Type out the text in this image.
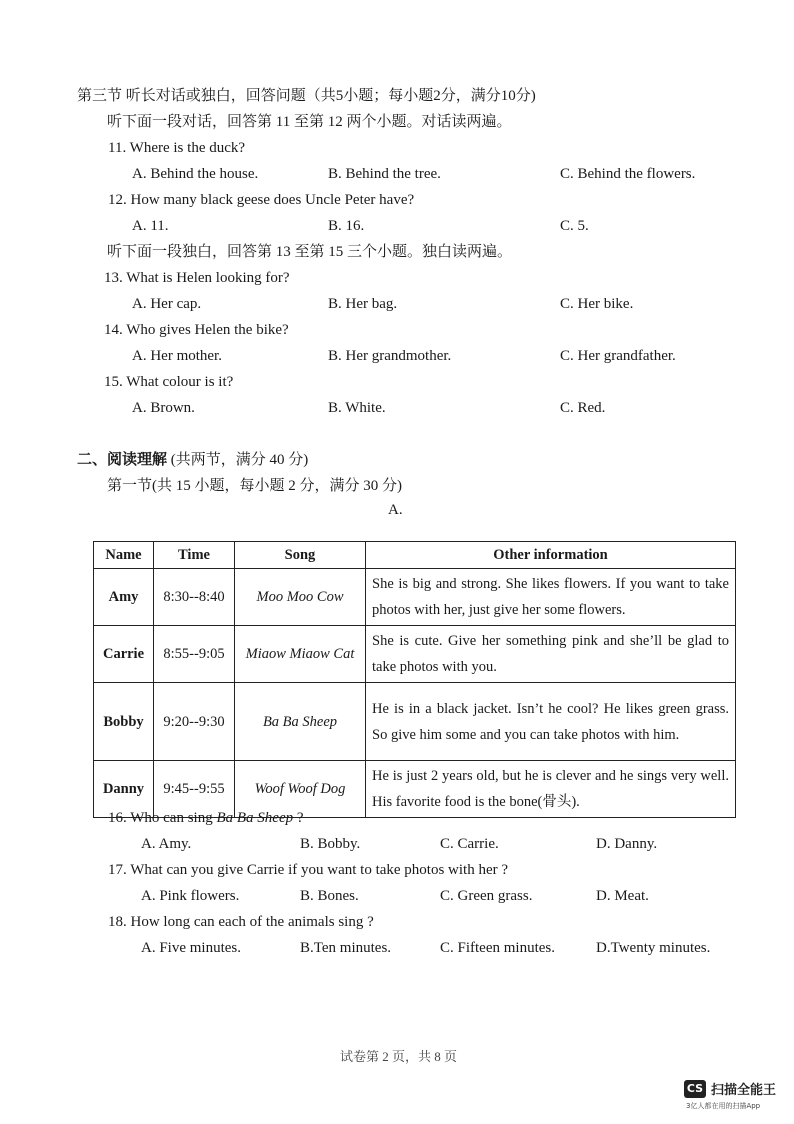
第三节 听长对话或独白，回答问题（共5小题；每小题2分，满分10分)
听下面一段对话，回答第 11 至第 12 两个小题。对话读两遍。
11. Where is the duck?
A. Behind the house.	B. Behind the tree.	C. Behind the flowers.
12. How many black geese does Uncle Peter have?
A. 11.	B. 16.	C. 5.
听下面一段独白，回答第 13 至第 15 三个小题。独白读两遍。
13. What is Helen looking for?
A. Her cap.	B. Her bag.	C. Her bike.
14. Who gives Helen the bike?
A. Her mother.	B. Her grandmother.	C. Her grandfather.
15. What colour is it?
A. Brown.	B. White.	C. Red.
二、阅读理解 (共两节，满分 40 分)
第一节(共 15 小题，每小题 2 分，满分 30 分)
A.
Name	Time	Song	Other information
Amy	8:30--8:40	Moo Moo Cow	She is big and strong. She likes flowers. If you want to take photos with her, just give her some flowers.
Carrie	8:55--9:05	Miaow Miaow Cat	She is cute. Give her something pink and she’ll be glad to take photos with you.
Bobby	9:20--9:30	Ba Ba Sheep	He is in a black jacket. Isn’t he cool? He likes green grass. So give him some and you can take photos with him.
Danny	9:45--9:55	Woof Woof Dog	He is just 2 years old, but he is clever and he sings very well. His favorite food is the bone(骨头).
16. Who can sing Ba Ba Sheep ?
A. Amy.	B. Bobby.	C. Carrie.	D. Danny.
17. What can you give Carrie if you want to take photos with her ?
A. Pink flowers.	B. Bones.	C. Green grass.	D. Meat.
18. How long can each of the animals sing ?
A. Five minutes.	B.Ten minutes.	C. Fifteen minutes.	D.Twenty minutes.
试卷第 2 页，共 8 页
CS 扫描全能王
3亿人都在用的扫描App
